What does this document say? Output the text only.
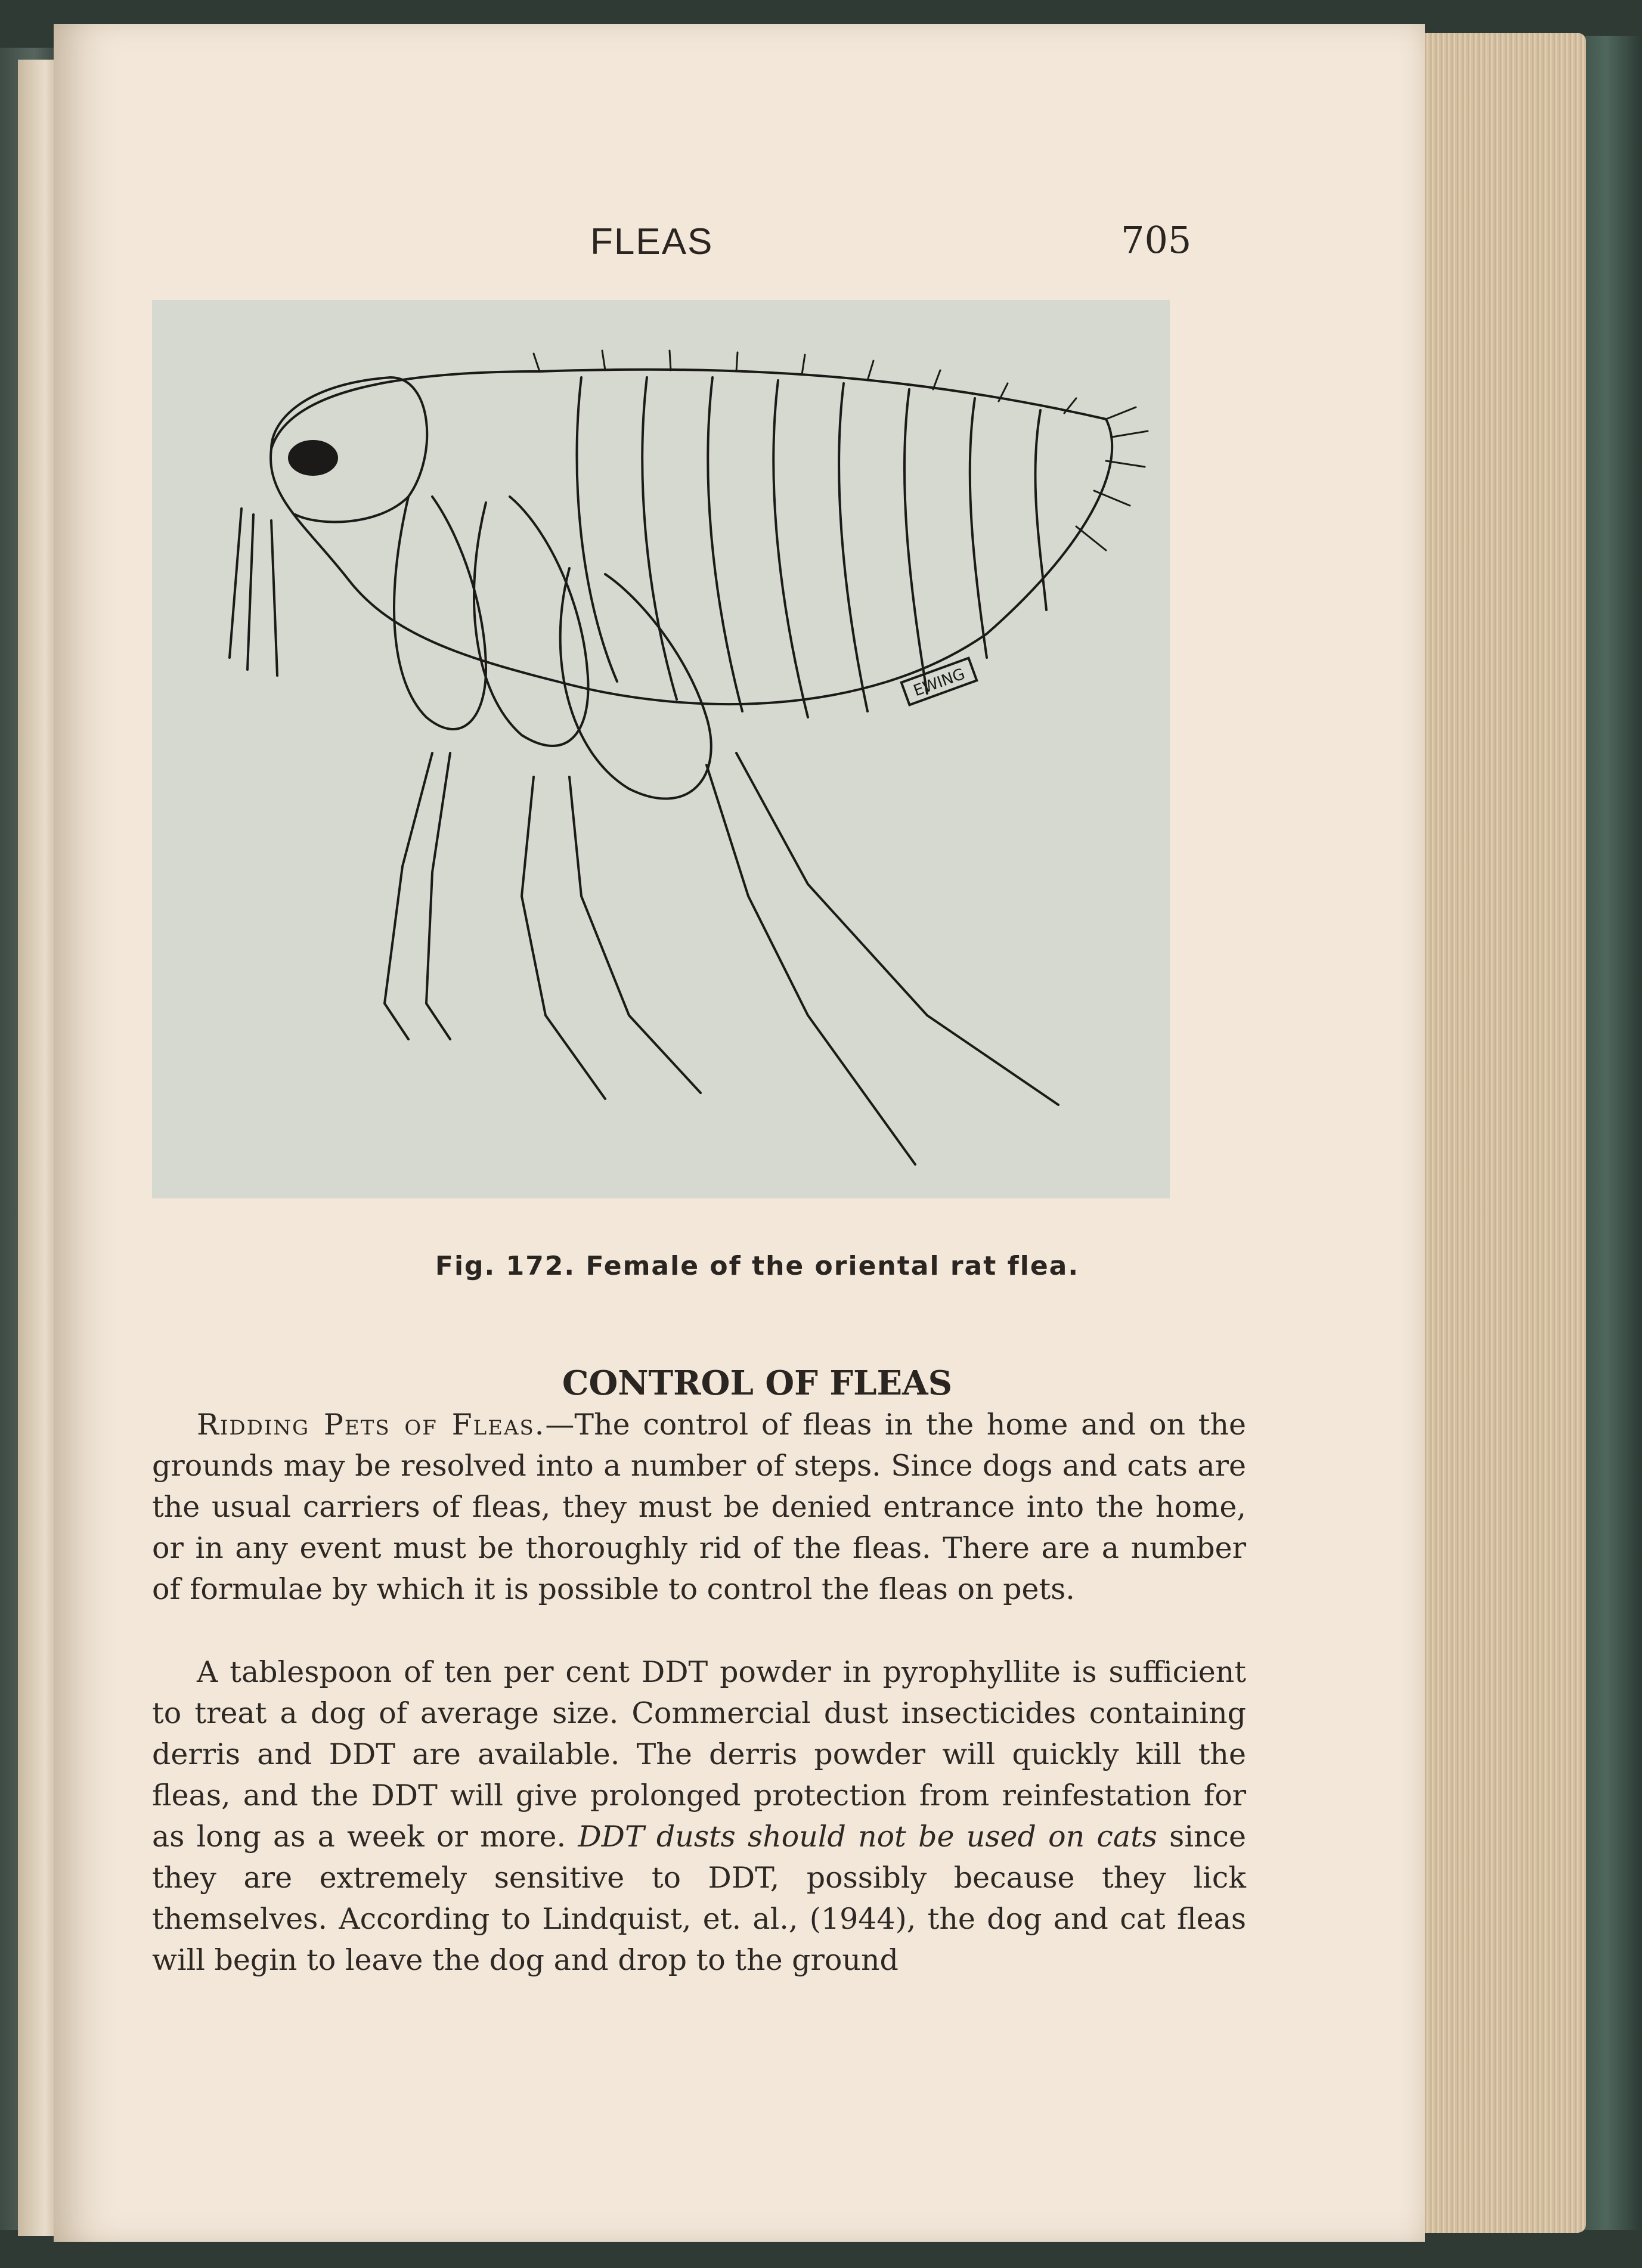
FLEAS	705
EWING
Fig. 172. Female of the oriental rat flea.
CONTROL OF FLEAS

Ridding Pets of Fleas.—The control of fleas in the home and on the grounds may be resolved into a number of steps. Since dogs and cats are the usual carriers of fleas, they must be denied entrance into the home, or in any event must be thoroughly rid of the fleas. There are a number of formulae by which it is possible to control the fleas on pets.

A tablespoon of ten per cent DDT powder in pyrophyllite is sufficient to treat a dog of average size. Commercial dust insecticides containing derris and DDT are available. The derris powder will quickly kill the fleas, and the DDT will give prolonged protection from reinfestation for as long as a week or more. DDT dusts should not be used on cats since they are extremely sensitive to DDT, possibly because they lick themselves. According to Lindquist, et. al., (1944), the dog and cat fleas will begin to leave the dog and drop to the ground
